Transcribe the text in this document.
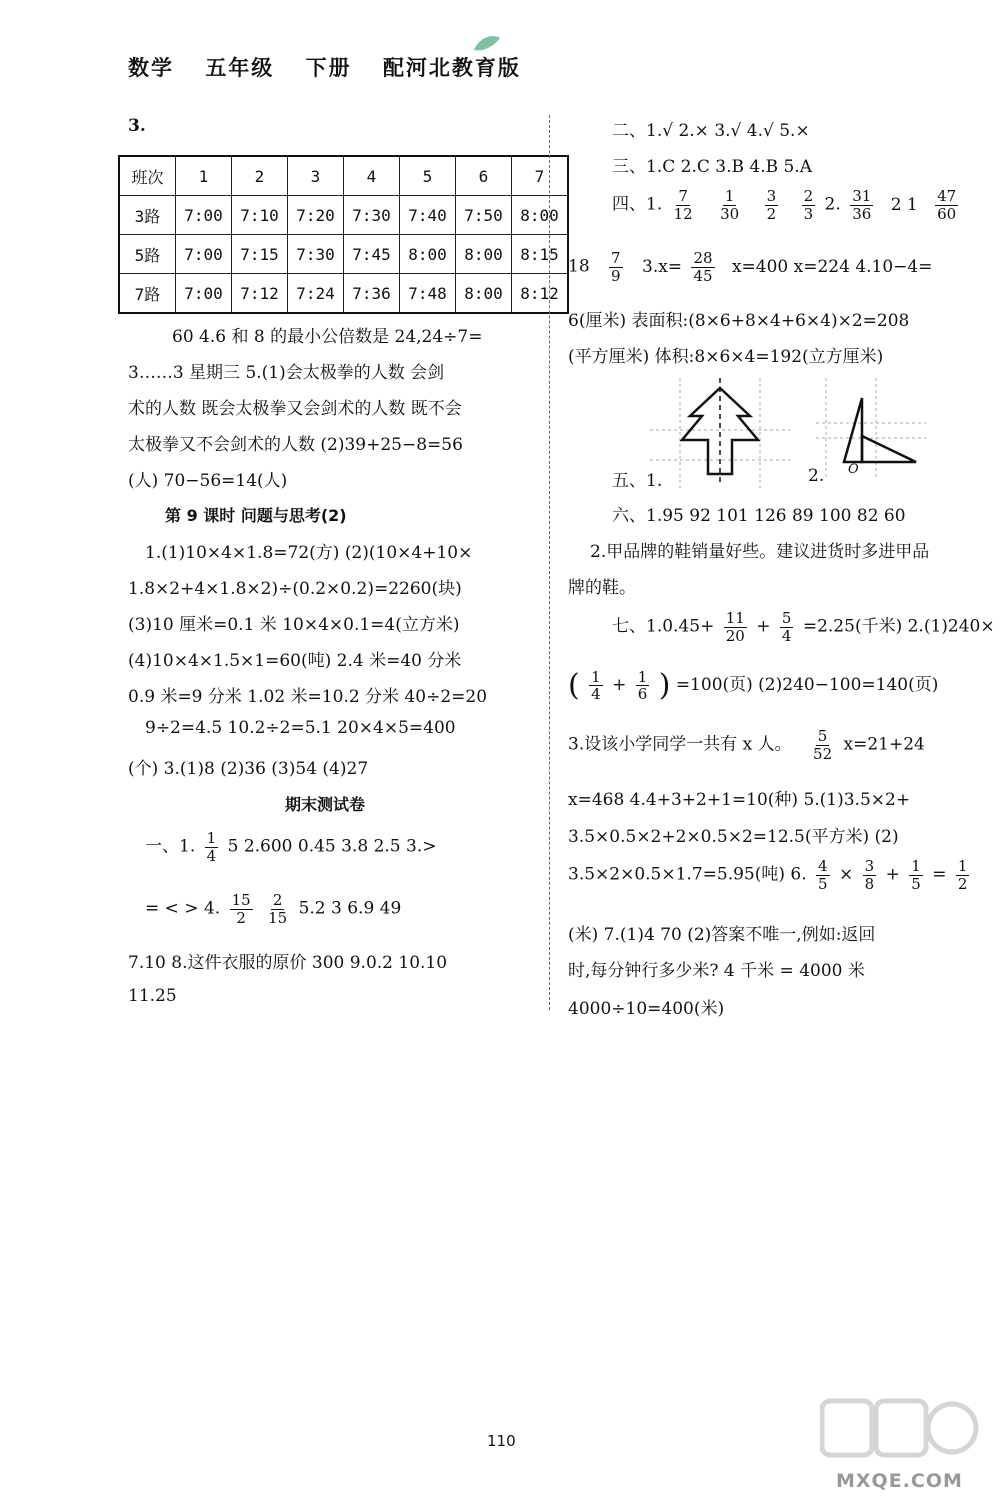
数学 五年级 下册 配河北教育版
3.
班次	1	2	3	4	5	6	7
3路	7:00	7:10	7:20	7:30	7:40	7:50	8:00
5路	7:00	7:15	7:30	7:45	8:00	8:00	8:15
7路	7:00	7:12	7:24	7:36	7:48	8:00	8:12
60 4.6 和 8 的最小公倍数是 24,24÷7=
3……3 星期三 5.(1)会太极拳的人数 会剑
术的人数 既会太极拳又会剑术的人数 既不会
太极拳又不会剑术的人数 (2)39+25−8=56
(人) 70−56=14(人)
第 9 课时 问题与思考(2)
1.(1)10×4×1.8=72(方) (2)(10×4+10×
1.8×2+4×1.8×2)÷(0.2×0.2)=2260(块)
(3)10 厘米=0.1 米 10×4×0.1=4(立方米)
(4)10×4×1.5×1=60(吨) 2.4 米=40 分米
0.9 米=9 分米 1.02 米=10.2 分米 40÷2=20
9÷2=4.5 10.2÷2=5.1 20×4×5=400
(个) 3.(1)8 (2)36 (3)54 (4)27
期末测试卷
一、1. $\frac{1}{4} 5$ 2.600 0.45 3.8 2.5 3.>
= < > 4. $\frac{15}{2}$
$\frac{2}{15} 5.2$ 3 6.9 49
7.10 8.这件衣服的原价 300 9.0.2 10.10
11.25
二、1.√ 2.× 3.√ 4.√ 5.×
三、1.C 2.C 3.B 4.B 5.A
四、1. $\frac{7}{12}$
$\frac{1}{30}$
$\frac{3}{2}$
$\frac{2}{3} 2$. $\frac{31}{36} 2$ $1 \frac{47}{60}$
$18 \frac{7}{9} 3.x= \frac{28}{45} x=400$ x=224 4.10−4=
6(厘米) 表面积:(8×6+8×4+6×4)×2=208
(平方厘米) 体积:8×6×4=192(立方厘米)
O
五、1.	2.
六、1.95 92 101 126 89 100 82 60
2.甲品牌的鞋销量好些。建议进货时多进甲品
牌的鞋。
七、$1.0.45+ \frac{11}{20} + \frac{5}{4} =2.25$(千米) 2.(1)240×
( $\frac{1}{4} + \frac{1}{6}$ ) =100(页) (2)240−100=140(页)
3.设该小学同学一共有 x 人。 $\frac{5}{52} x=21+24$
x=468 4.4+3+2+1=10(种) 5.(1)3.5×2+
3.5×0.5×2+2×0.5×2=12.5(平方米) (2)
3.5×2×0.5×1.7=5.95(吨) 6. $\frac{4}{5} \times \frac{3}{8} + \frac{1}{5} = \frac{1}{2}$
(米) 7.(1)4 70 (2)答案不唯一,例如:返回
时,每分钟行多少米? 4 千米 = 4000 米
4000÷10=400(米)
110
MXQE.COM
